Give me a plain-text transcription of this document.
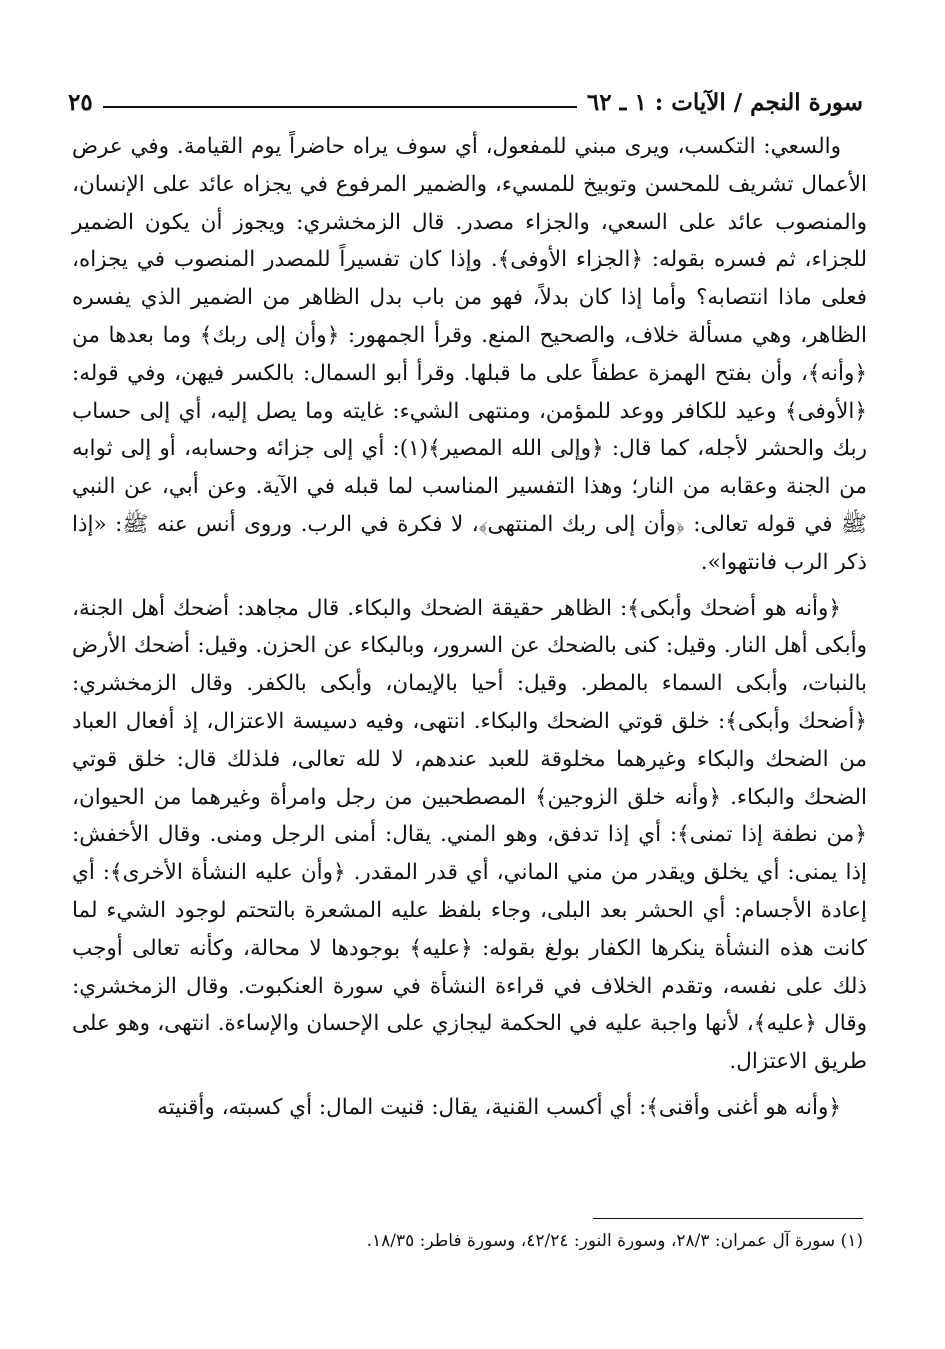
سورة النجم / الآيات : ١ ـ ٦٢
٢٥

والسعي: التكسب، ويرى مبني للمفعول، أي سوف يراه حاضراً يوم القيامة. وفي عرض الأعمال تشريف للمحسن وتوبيخ للمسيء، والضمير المرفوع في يجزاه عائد على الإنسان، والمنصوب عائد على السعي، والجزاء مصدر. قال الزمخشري: ويجوز أن يكون الضمير للجزاء، ثم فسره بقوله: ﴿الجزاء الأوفى﴾. وإذا كان تفسيراً للمصدر المنصوب في يجزاه، فعلى ماذا انتصابه؟ وأما إذا كان بدلاً، فهو من باب بدل الظاهر من الضمير الذي يفسره الظاهر، وهي مسألة خلاف، والصحيح المنع. وقرأ الجمهور: ﴿وأن إلى ربك﴾ وما بعدها من ﴿وأنه﴾، وأن بفتح الهمزة عطفاً على ما قبلها. وقرأ أبو السمال: بالكسر فيهن، وفي قوله: ﴿الأوفى﴾ وعيد للكافر ووعد للمؤمن، ومنتهى الشيء: غايته وما يصل إليه، أي إلى حساب ربك والحشر لأجله، كما قال: ﴿وإلى الله المصير﴾(١): أي إلى جزائه وحسابه، أو إلى ثوابه من الجنة وعقابه من النار؛ وهذا التفسير المناسب لما قبله في الآية. وعن أبي، عن النبي ﷺ في قوله تعالى: ﴿وأن إلى ربك المنتهى﴾، لا فكرة في الرب. وروى أنس عنه ﷺ: «إذا ذكر الرب فانتهوا».

﴿وأنه هو أضحك وأبكى﴾: الظاهر حقيقة الضحك والبكاء. قال مجاهد: أضحك أهل الجنة، وأبكى أهل النار. وقيل: كنى بالضحك عن السرور، وبالبكاء عن الحزن. وقيل: أضحك الأرض بالنبات، وأبكى السماء بالمطر. وقيل: أحيا بالإيمان، وأبكى بالكفر. وقال الزمخشري: ﴿أضحك وأبكى﴾: خلق قوتي الضحك والبكاء. انتهى، وفيه دسيسة الاعتزال، إذ أفعال العباد من الضحك والبكاء وغيرهما مخلوقة للعبد عندهم، لا لله تعالى، فلذلك قال: خلق قوتي الضحك والبكاء. ﴿وأنه خلق الزوجين﴾ المصطحبين من رجل وامرأة وغيرهما من الحيوان، ﴿من نطفة إذا تمنى﴾: أي إذا تدفق، وهو المني. يقال: أمنى الرجل ومنى. وقال الأخفش: إذا يمنى: أي يخلق ويقدر من مني الماني، أي قدر المقدر. ﴿وأن عليه النشأة الأخرى﴾: أي إعادة الأجسام: أي الحشر بعد البلى، وجاء بلفظ عليه المشعرة بالتحتم لوجود الشيء لما كانت هذه النشأة ينكرها الكفار بولغ بقوله: ﴿عليه﴾ بوجودها لا محالة، وكأنه تعالى أوجب ذلك على نفسه، وتقدم الخلاف في قراءة النشأة في سورة العنكبوت. وقال الزمخشري: وقال ﴿عليه﴾، لأنها واجبة عليه في الحكمة ليجازي على الإحسان والإساءة. انتهى، وهو على طريق الاعتزال.

﴿وأنه هو أغنى وأقنى﴾: أي أكسب القنية، يقال: قنيت المال: أي كسبته، وأقنيته

(١) سورة آل عمران: ٢٨/٣، وسورة النور: ٤٢/٢٤، وسورة فاطر: ١٨/٣٥.
